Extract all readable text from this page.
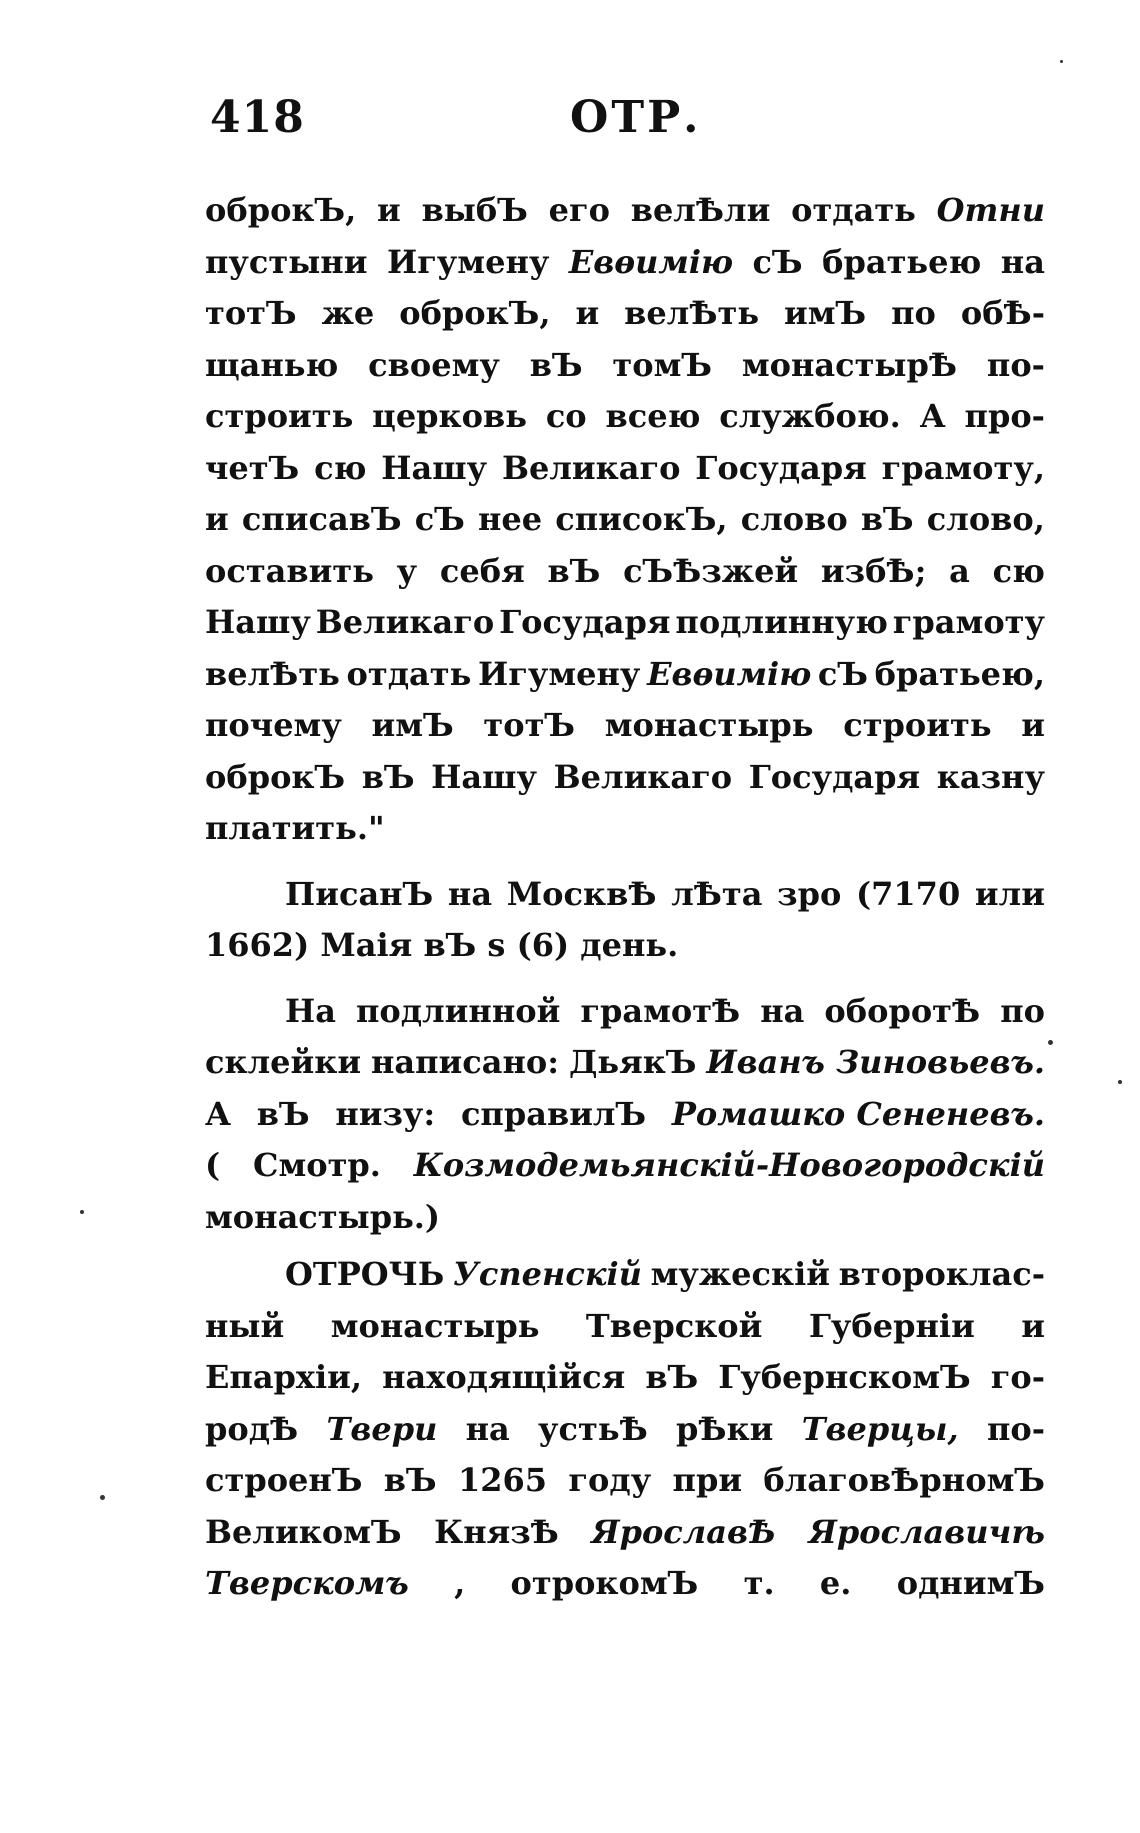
418	ОТР.
оброкЪ, и выбЪ его велѢли отдать Отни
пустыни Игумену Евѳимію сЪ братьею на
тотЪ же оброкЪ, и велѢть имЪ по обѢ-
щанью своему вЪ томЪ монастырѢ по-
строить церковь со всею службою. А про-
четЪ сю Нашу Великаго Государя грамоту,
и списавЪ сЪ нее списокЪ, слово вЪ слово,
оставить у себя вЪ сЪѢзжей избѢ; а сю
Нашу Великаго Государя подлинную грамоту
велѢть отдать Игумену Евѳимію сЪ братьею,
почему имЪ тотЪ монастырь строить и
оброкЪ вЪ Нашу Великаго Государя казну
платить."
ПисанЪ на МосквѢ лѢта зро (7170 или
1662) Маія вЪ ѕ (6) день.
На подлинной грамотѢ на оборотѢ по
склейки написано: ДьякЪ Иванъ Зиновьевъ.
А вЪ низу: справилЪ Ромашко Сененевъ.
( Смотр. Козмодемьянскій-Новогородскій
монастырь.)
ОТРОЧЬ Успенскій мужескій второклас-
ный монастырь Тверской Губерніи и
Епархіи, находящійся вЪ ГубернскомЪ го-
родѢ Твери на устьѢ рѢки Тверцы, по-
строенЪ вЪ 1265 году при благовѢрномЪ
ВеликомЪ КнязѢ ЯрославѢ Ярославичѣ
Тверскомъ , отрокомЪ т. е. однимЪ
